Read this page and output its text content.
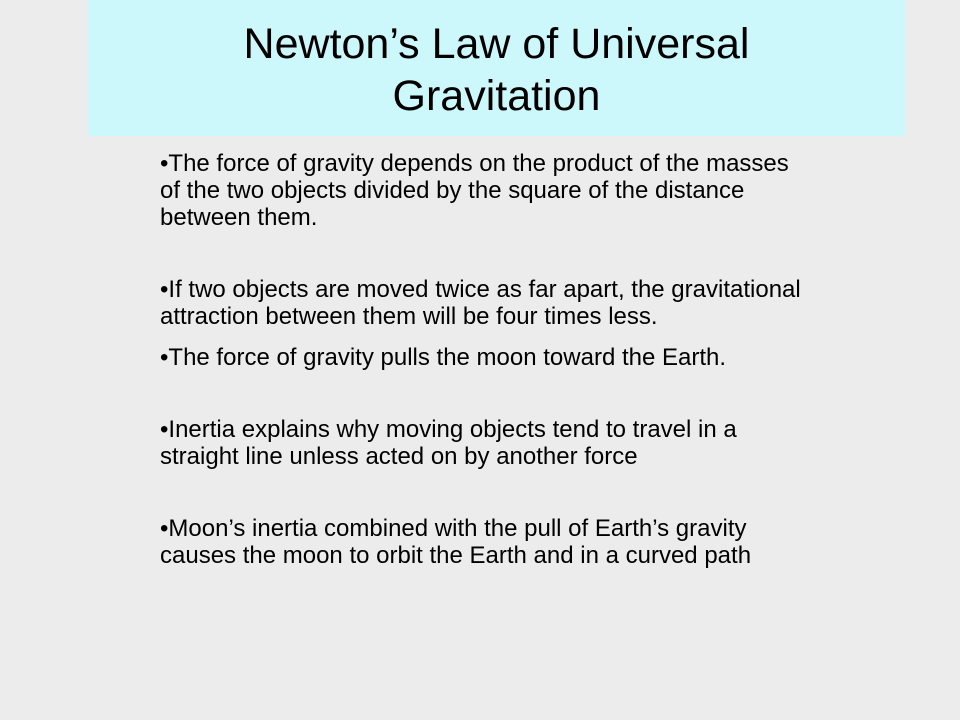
Newton’s Law of Universal
Gravitation
•The force of gravity depends on the product of the masses of the two objects divided by the square of the distance between them.
•If two objects are moved twice as far apart, the gravitational attraction between them will be four times less.
•The force of gravity pulls the moon toward the Earth.
•Inertia explains why moving objects tend to travel in a straight line unless acted on by another force
•Moon’s inertia combined with the pull of Earth’s gravity causes the moon to orbit the Earth and in a curved path
